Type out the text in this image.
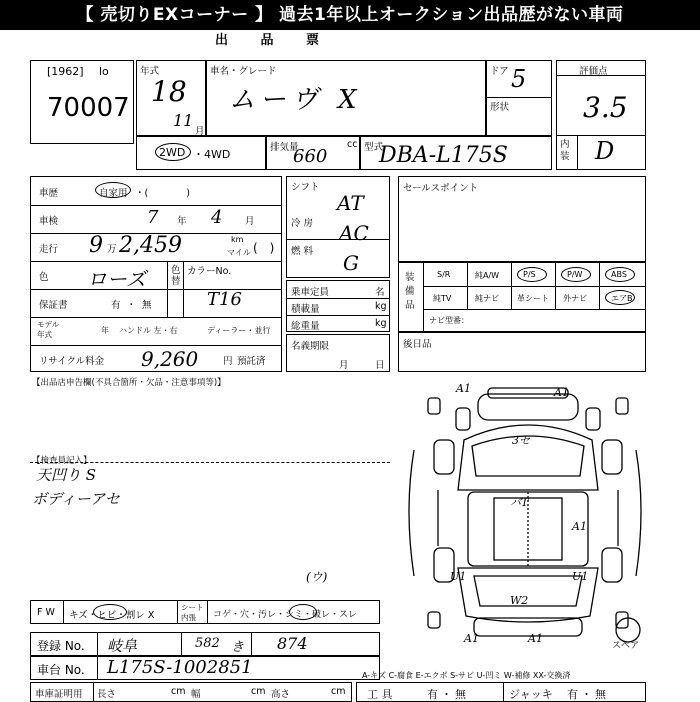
【 売切りEXコーナー 】 過去1年以上オークション出品歴がない車両
出 品 票
[1962] lo
70007
年式
18
11
月
車名・グレード
ムーヴ X
ドア 5
形状
評価点
3.5
内装 D
2WD ・4WD
排気量	cc
660	型式
DBA-L175S
車歴	自家用 ・(　　　　)
車検	7 年 4 月
走行 9 万 2,459	km
マイル (　)
色 ローズ	色替
カラーNo.
T16
保証書	有・無
モデル
年式	年 ハンドル 左・右	ディーラー・並行
リサイクル料金 9,260	円 預託済
シフト
AT
冷 房 AC
燃 料 G
乗車定員	名
積載量	kg
総重量	kg
名義期限
月	日
セールスポイント
装備品
S/R	純A/W	P/S	P/W	ABS
純TV	純ナビ 革シート 外ナビ	エアB
ナビ型番：
後日品
【出品店申告欄(不具合箇所・欠品・注意事項等)】
【検査員記入】
天凹り S
ボディーアセ
A1	A1
3セ
バT
A1
U1	U1
W2
A1	A1
スペア
(ウ)
F W キズ・ヒビ・割レ X
シート
内張 コゲ・穴・汚レ・シミ・破レ・スレ
登録 No. 岐阜	582 き 874
車台 No. L175S-1002851	A-キズ C-腐食 E-エクボ S-サビ U-凹ミ W-補修 XX-交換済
車庫証明用 長さ	cm 幅	cm 高さ	cm 工 具	有・無	ジャッキ 有・無
